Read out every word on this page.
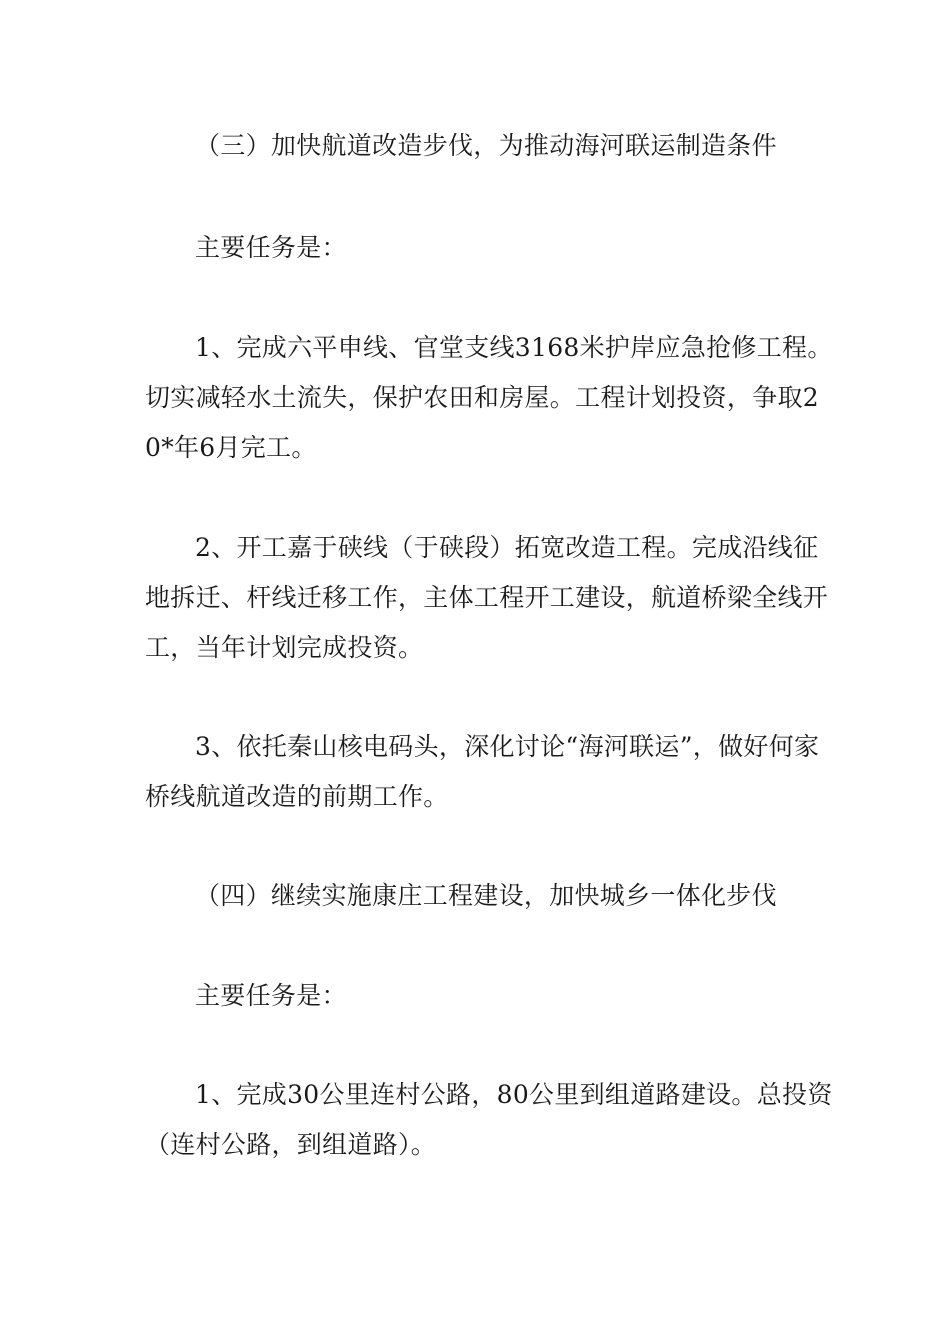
（三）加快航道改造步伐，为推动海河联运制造条件

主要任务是：

1、完成六平申线、官堂支线3168米护岸应急抢修工程。切实减轻水土流失，保护农田和房屋。工程计划投资，争取20*年6月完工。

2、开工嘉于硖线（于硖段）拓宽改造工程。完成沿线征地拆迁、杆线迁移工作，主体工程开工建设，航道桥梁全线开工，当年计划完成投资。

3、依托秦山核电码头，深化讨论“海河联运”，做好何家桥线航道改造的前期工作。

（四）继续实施康庄工程建设，加快城乡一体化步伐

主要任务是：

1、完成30公里连村公路，80公里到组道路建设。总投资（连村公路，到组道路）。
